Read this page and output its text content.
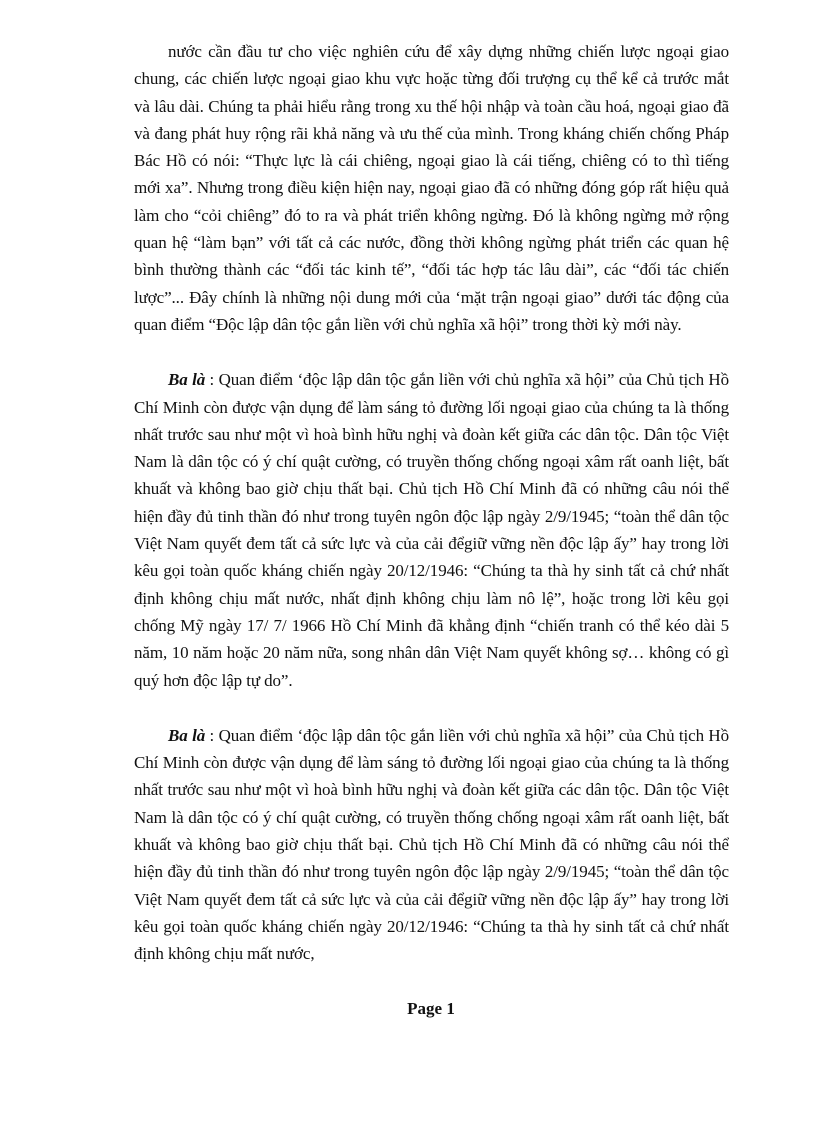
nước cần đầu tư cho việc nghiên cứu để xây dựng những chiến lược ngoại giao chung, các chiến lược ngoại giao khu vực hoặc từng đối trượng cụ thể kể cả trước mắt và lâu dài. Chúng ta phải hiểu rằng trong xu thế hội nhập và toàn cầu hoá, ngoại giao đã và đang phát huy rộng rãi khả năng và ưu thế của mình. Trong kháng chiến chống Pháp Bác Hồ có nói: “Thực lực là cái chiêng, ngoại giao là cái tiếng, chiêng có to thì tiếng mới xa”. Nhưng trong điều kiện hiện nay, ngoại giao đã có những đóng góp rất hiệu quả làm cho “cỏi chiêng” đó to ra và phát triển không ngừng. Đó là không ngừng mở rộng quan hệ “làm bạn” với tất cả các nước, đồng thời không ngừng phát triển các quan hệ bình thường thành các “đối tác kinh tế”, “đối tác hợp tác lâu dài”, các “đối tác chiến lược”... Đây chính là những nội dung mới của ‘mặt trận ngoại giao” dưới tác động của quan điểm “Độc lập dân tộc gắn liền với chủ nghĩa xã hội” trong thời kỳ mới này.

Ba là : Quan điểm ‘độc lập dân tộc gắn liền với chủ nghĩa xã hội” của Chủ tịch Hồ Chí Minh còn được vận dụng để làm sáng tỏ đường lối ngoại giao của chúng ta là thống nhất trước sau như một vì hoà bình hữu nghị và đoàn kết giữa các dân tộc. Dân tộc Việt Nam là dân tộc có ý chí quật cường, có truyền thống chống ngoại xâm rất oanh liệt, bất khuất và không bao giờ chịu thất bại. Chủ tịch Hồ Chí Minh đã có những câu nói thể hiện đầy đủ tinh thần đó như trong tuyên ngôn độc lập ngày 2/9/1945; “toàn thể dân tộc Việt Nam quyết đem tất cả sức lực và của cải đểgiữ vững nền độc lập ấy” hay trong lời kêu gọi toàn quốc kháng chiến ngày 20/12/1946: “Chúng ta thà hy sinh tất cả chứ nhất định không chịu mất nước, nhất định không chịu làm nô lệ”, hoặc trong lời kêu gọi chống Mỹ ngày 17/ 7/ 1966 Hồ Chí Minh đã khẳng định “chiến tranh có thể kéo dài 5 năm, 10 năm hoặc 20 năm nữa, song nhân dân Việt Nam quyết không sợ… không có gì quý hơn độc lập tự do”.

Ba là : Quan điểm ‘độc lập dân tộc gắn liền với chủ nghĩa xã hội” của Chủ tịch Hồ Chí Minh còn được vận dụng để làm sáng tỏ đường lối ngoại giao của chúng ta là thống nhất trước sau như một vì hoà bình hữu nghị và đoàn kết giữa các dân tộc. Dân tộc Việt Nam là dân tộc có ý chí quật cường, có truyền thống chống ngoại xâm rất oanh liệt, bất khuất và không bao giờ chịu thất bại. Chủ tịch Hồ Chí Minh đã có những câu nói thể hiện đầy đủ tinh thần đó như trong tuyên ngôn độc lập ngày 2/9/1945; “toàn thể dân tộc Việt Nam quyết đem tất cả sức lực và của cải đểgiữ vững nền độc lập ấy” hay trong lời kêu gọi toàn quốc kháng chiến ngày 20/12/1946: “Chúng ta thà hy sinh tất cả chứ nhất định không chịu mất nước,

Page 1
